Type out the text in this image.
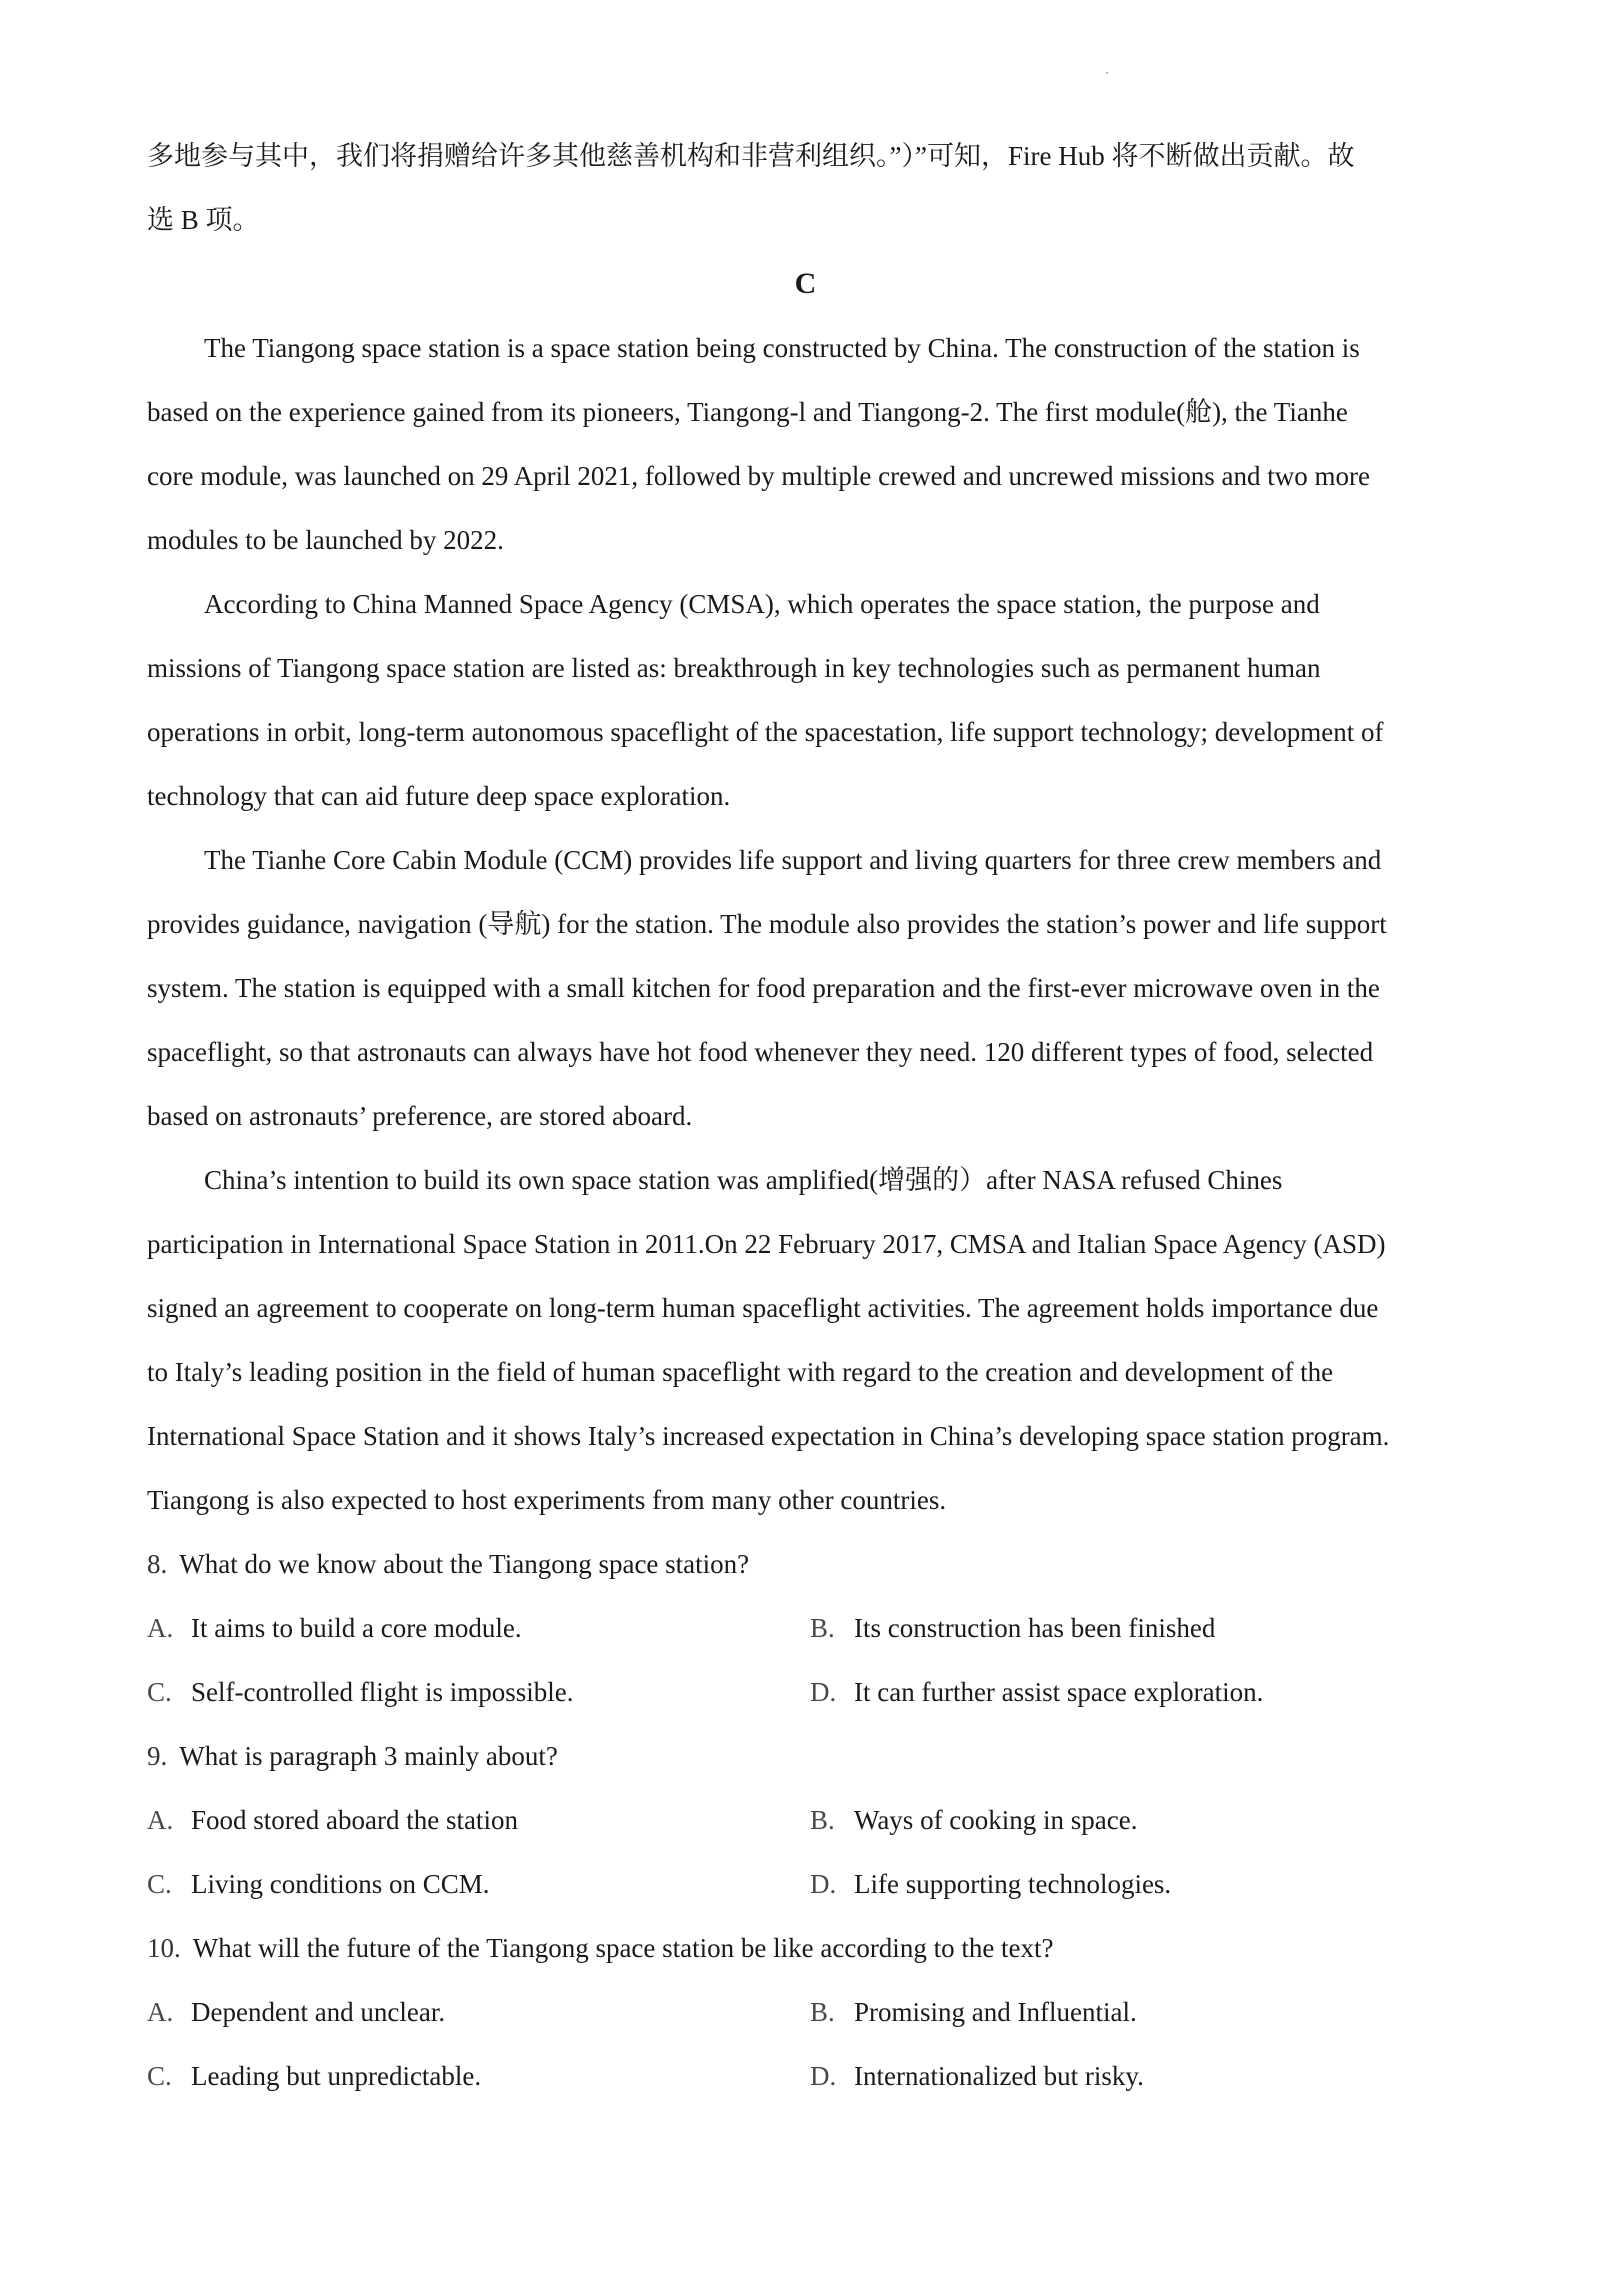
多地参与其中，我们将捐赠给许多其他慈善机构和非营利组织。”）”可知，Fire Hub 将不断做出贡献。故
选 B 项。
C
The Tiangong space station is a space station being constructed by China. The construction of the station is
based on the experience gained from its pioneers, Tiangong-l and Tiangong-2. The first module(舱), the Tianhe
core module, was launched on 29 April 2021, followed by multiple crewed and uncrewed missions and two more
modules to be launched by 2022.
According to China Manned Space Agency (CMSA), which operates the space station, the purpose and
missions of Tiangong space station are listed as: breakthrough in key technologies such as permanent human
operations in orbit, long-term autonomous spaceflight of the spacestation, life support technology; development of
technology that can aid future deep space exploration.
The Tianhe Core Cabin Module (CCM) provides life support and living quarters for three crew members and
provides guidance, navigation (导航) for the station. The module also provides the station’s power and life support
system. The station is equipped with a small kitchen for food preparation and the first-ever microwave oven in the
spaceflight, so that astronauts can always have hot food whenever they need. 120 different types of food, selected
based on astronauts’ preference, are stored aboard.
China’s intention to build its own space station was amplified(增强的）after NASA refused Chines
participation in International Space Station in 2011.On 22 February 2017, CMSA and Italian Space Agency (ASD)
signed an agreement to cooperate on long-term human spaceflight activities. The agreement holds importance due
to Italy’s leading position in the field of human spaceflight with regard to the creation and development of the
International Space Station and it shows Italy’s increased expectation in China’s developing space station program.
Tiangong is also expected to host experiments from many other countries.
8. What do we know about the Tiangong space station?
A. It aims to build a core module.	B. Its construction has been finished
C. Self-controlled flight is impossible.	D. It can further assist space exploration.
9. What is paragraph 3 mainly about?
A. Food stored aboard the station	B. Ways of cooking in space.
C. Living conditions on CCM.	D. Life supporting technologies.
10. What will the future of the Tiangong space station be like according to the text?
A. Dependent and unclear.	B. Promising and Influential.
C. Leading but unpredictable.	D. Internationalized but risky.
